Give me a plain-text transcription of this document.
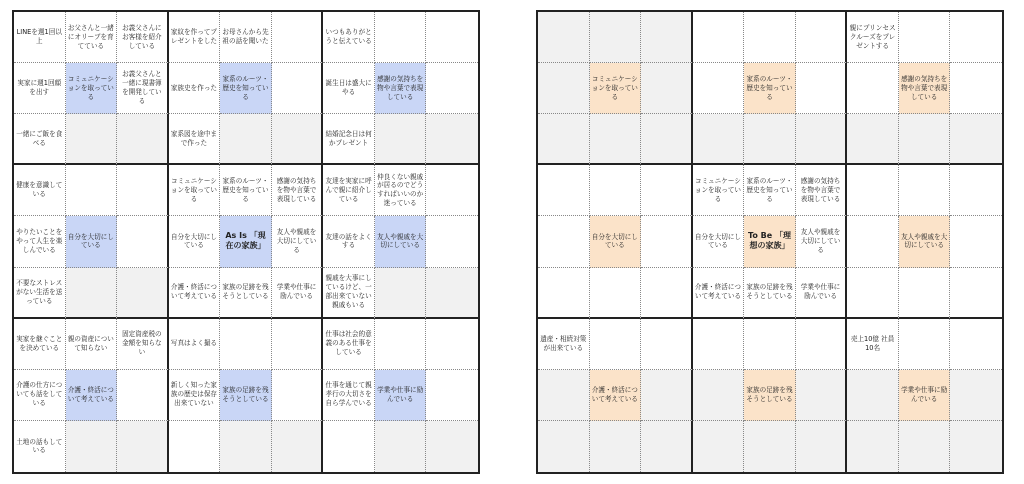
LINEを週1回以上
お父さんと一緒にオリーブを育てている
お義父さんにお客様を紹介している
家紋を作ってプレゼントをした
お母さんから先祖の話を聞いた
いつもありがとうと伝えている
実家に週1回顔を出す
コミュニケーションを取っている
お義父さんと一緒に現書簿を開発している
家族史を作った
家系のルーツ・歴史を知っている
誕生日は盛大にやる
感謝の気持ちを物や言葉で表現している
一緒にご飯を食べる
家系図を途中まで作った
結婚記念日は何かプレゼント
健康を意識している
コミュニケーションを取っている
家系のルーツ・歴史を知っている
感謝の気持ちを物や言葉で表現している
友達を実家に呼んで親に紹介している
仲良くない親戚が居るのでどうすればいいのか迷っている
やりたいことをやって人生を楽しんでいる
自分を大切にしている
自分を大切にしている
As Is 「現在の家族」
友人や親戚を大切にしている
友達の話をよくする
友人や親戚を大切にしている
不要なストレスがない生活を送っている
介護・終活について考えている
家族の足跡を残そうとしている
学業や仕事に励んでいる
親戚を大事にしているけど、一部出来ていない親戚もいる
実家を継ぐことを決めている
親の資産について知らない
固定資産税の金額を知らない
写真はよく撮る
仕事は社会的意義のある仕事をしている
介護の仕方についても話をしている
介護・終活について考えている
新しく知った家族の歴史は保存出来ていない
家族の足跡を残そうとしている
仕事を通じて親孝行の大切さを自ら学んでいる
学業や仕事に励んでいる
土地の話もしている
親にプリンセスクルーズをプレゼントする
コミュニケーションを取っている
家系のルーツ・歴史を知っている
感謝の気持ちを物や言葉で表現している
コミュニケーションを取っている
家系のルーツ・歴史を知っている
感謝の気持ちを物や言葉で表現している
自分を大切にしている
自分を大切にしている
To Be 「理想の家族」
友人や親戚を大切にしている
友人や親戚を大切にしている
介護・終活について考えている
家族の足跡を残そうとしている
学業や仕事に励んでいる
遺産・相続対策が出来ている
売上10億 社員10名
介護・終活について考えている
家族の足跡を残そうとしている
学業や仕事に励んでいる
